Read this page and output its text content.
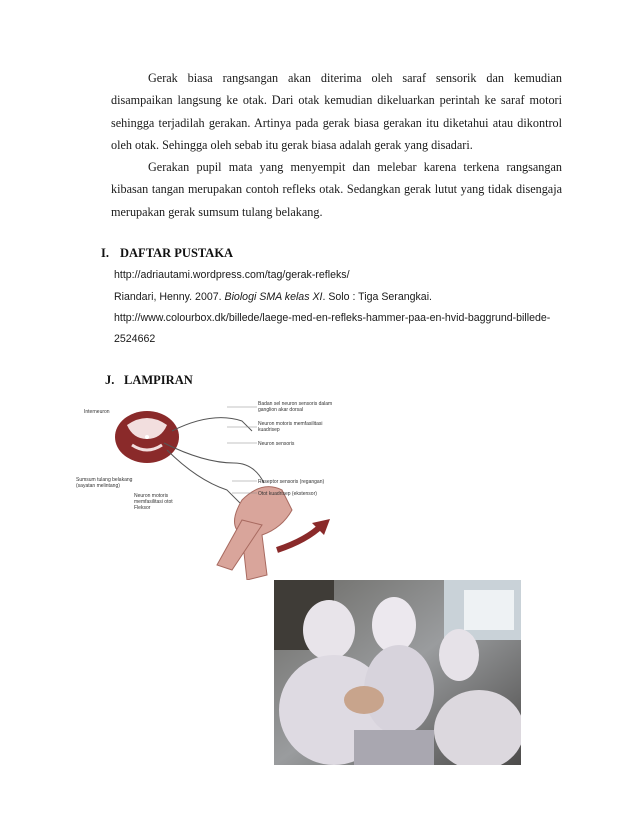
Gerak biasa rangsangan akan diterima oleh saraf sensorik dan kemudian disampaikan langsung ke otak. Dari otak kemudian dikeluarkan perintah ke saraf motori sehingga terjadilah gerakan. Artinya pada gerak biasa gerakan itu diketahui atau dikontrol oleh otak. Sehingga oleh sebab itu gerak biasa adalah gerak yang disadari.
Gerakan pupil mata yang menyempit dan melebar karena terkena rangsangan kibasan tangan merupakan contoh refleks otak. Sedangkan gerak lutut yang tidak disengaja merupakan gerak sumsum tulang belakang.
I. DAFTAR PUSTAKA
http://adriautami.wordpress.com/tag/gerak-refleks/
Riandari, Henny. 2007. Biologi SMA kelas XI. Solo : Tiga Serangkai.
http://www.colourbox.dk/billede/laege-med-en-refleks-hammer-paa-en-hvid-baggrund-billede-2524662
J. LAMPIRAN
Interneuron
Sumsum tulang belakang
(sayatan melintang)
Neuron motoris
memfasilitasi otot
Fleksor
Badan sel neuron sensoris dalam
ganglion akar dorsal
Neuron motoris memfasilitasi
kuadrisep
Neuron sensoris
Reseptor sensoris (regangan)
Otot kuadrisep (ekstensor)
